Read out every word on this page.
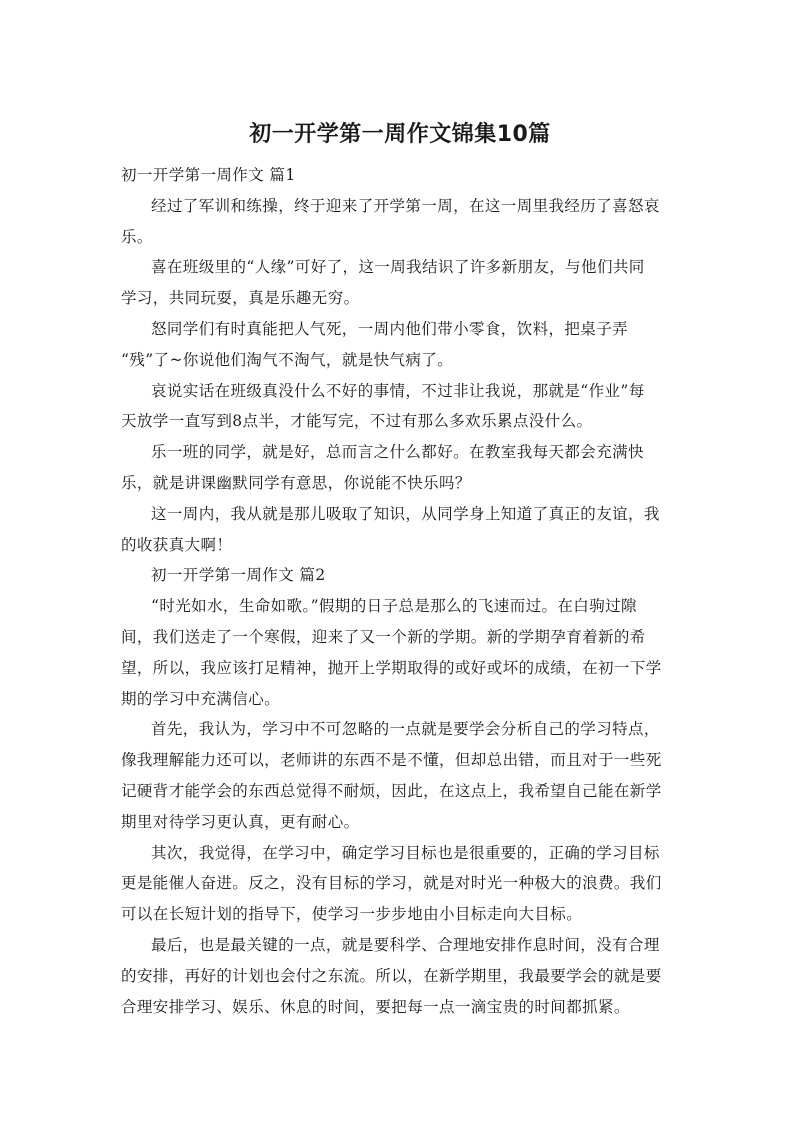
初一开学第一周作文锦集10篇
初一开学第一周作文 篇1
经过了军训和练操，终于迎来了开学第一周，在这一周里我经历了喜怒哀
乐。
喜在班级里的“人缘”可好了，这一周我结识了许多新朋友，与他们共同
学习，共同玩耍，真是乐趣无穷。
怒同学们有时真能把人气死，一周内他们带小零食，饮料，把桌子弄
“残”了~你说他们淘气不淘气，就是快气病了。
哀说实话在班级真没什么不好的事情，不过非让我说，那就是“作业”每
天放学一直写到8点半，才能写完，不过有那么多欢乐累点没什么。
乐一班的同学，就是好，总而言之什么都好。在教室我每天都会充满快
乐，就是讲课幽默同学有意思，你说能不快乐吗？
这一周内，我从就是那儿吸取了知识，从同学身上知道了真正的友谊，我
的收获真大啊！
初一开学第一周作文 篇2
“时光如水，生命如歌。”假期的日子总是那么的飞速而过。在白驹过隙
间，我们送走了一个寒假，迎来了又一个新的学期。新的学期孕育着新的希
望，所以，我应该打足精神，抛开上学期取得的或好或坏的成绩，在初一下学
期的学习中充满信心。
首先，我认为，学习中不可忽略的一点就是要学会分析自己的学习特点，
像我理解能力还可以，老师讲的东西不是不懂，但却总出错，而且对于一些死
记硬背才能学会的东西总觉得不耐烦，因此，在这点上，我希望自己能在新学
期里对待学习更认真，更有耐心。
其次，我觉得，在学习中，确定学习目标也是很重要的，正确的学习目标
更是能催人奋进。反之，没有目标的学习，就是对时光一种极大的浪费。我们
可以在长短计划的指导下，使学习一步步地由小目标走向大目标。
最后，也是最关键的一点，就是要科学、合理地安排作息时间，没有合理
的安排，再好的计划也会付之东流。所以，在新学期里，我最要学会的就是要
合理安排学习、娱乐、休息的时间，要把每一点一滴宝贵的时间都抓紧。
